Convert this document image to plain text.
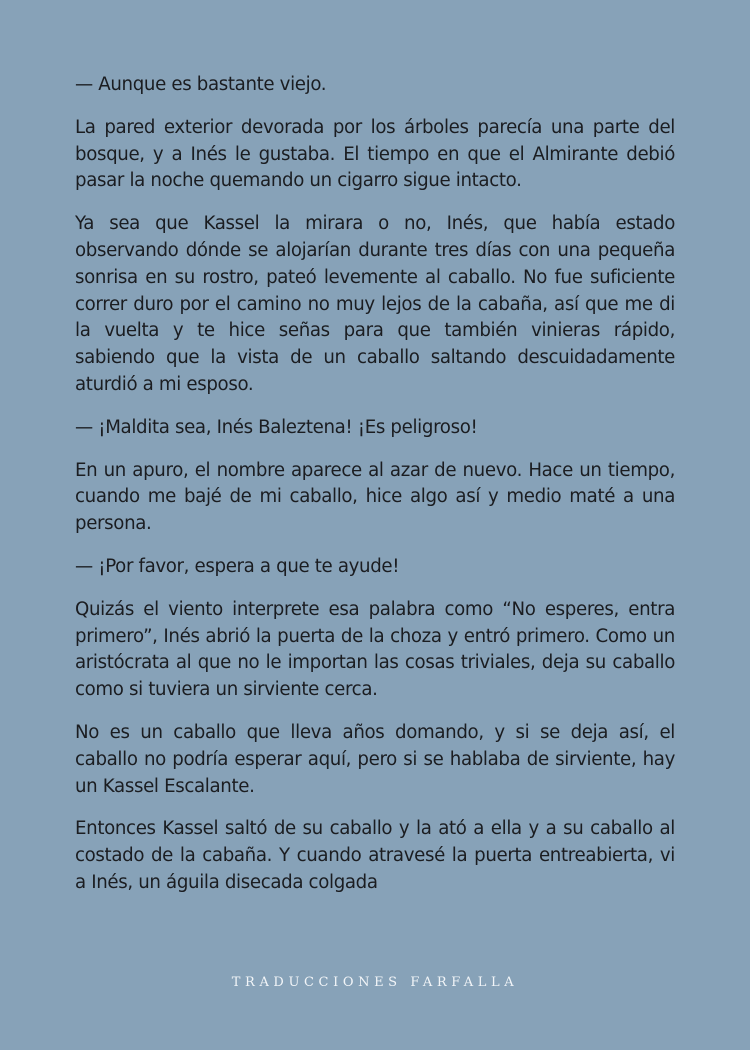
— Aunque es bastante viejo.

La pared exterior devorada por los árboles parecía una parte del bosque, y a Inés le gustaba. El tiempo en que el Almirante debió pasar la noche quemando un cigarro sigue intacto.

Ya sea que Kassel la mirara o no, Inés, que había estado observando dónde se alojarían durante tres días con una pequeña sonrisa en su rostro, pateó levemente al caballo. No fue suficiente correr duro por el camino no muy lejos de la cabaña, así que me di la vuelta y te hice señas para que también vinieras rápido, sabiendo que la vista de un caballo saltando descuidadamente aturdió a mi esposo.

— ¡Maldita sea, Inés Baleztena! ¡Es peligroso!

En un apuro, el nombre aparece al azar de nuevo. Hace un tiempo, cuando me bajé de mi caballo, hice algo así y medio maté a una persona.

— ¡Por favor, espera a que te ayude!

Quizás el viento interprete esa palabra como “No esperes, entra primero”, Inés abrió la puerta de la choza y entró primero. Como un aristócrata al que no le importan las cosas triviales, deja su caballo como si tuviera un sirviente cerca.

No es un caballo que lleva años domando, y si se deja así, el caballo no podría esperar aquí, pero si se hablaba de sirviente, hay un Kassel Escalante.

Entonces Kassel saltó de su caballo y la ató a ella y a su caballo al costado de la cabaña. Y cuando atravesé la puerta entreabierta, vi a Inés, un águila disecada colgada

TRADUCCIONES FARFALLA
